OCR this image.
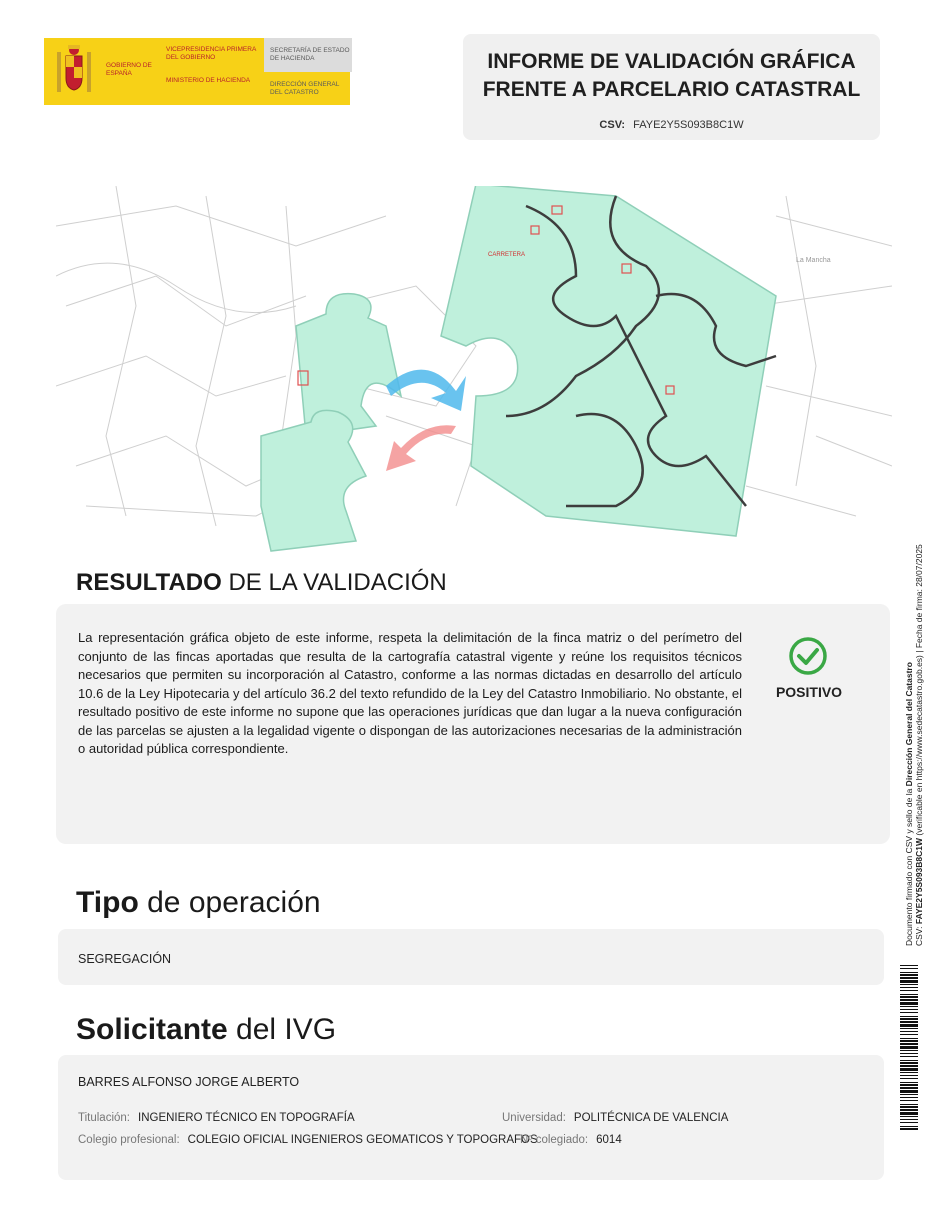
GOBIERNO DE ESPAÑA
VICEPRESIDENCIA PRIMERA DEL GOBIERNO
MINISTERIO DE HACIENDA
SECRETARÍA DE ESTADO DE HACIENDA
DIRECCIÓN GENERAL DEL CATASTRO
INFORME DE VALIDACIÓN GRÁFICA
FRENTE A PARCELARIO CATASTRAL
CSV: FAYE2Y5S093B8C1W
CARRETERA
La Mancha
RESULTADO DE LA VALIDACIÓN
La representación gráfica objeto de este informe, respeta la delimitación de la finca matriz o del perímetro del conjunto de las fincas aportadas que resulta de la cartografía catastral vigente y reúne los requisitos técnicos necesarios que permiten su incorporación al Catastro, conforme a las normas dictadas en desarrollo del artículo 10.6 de la Ley Hipotecaria y del artículo 36.2 del texto refundido de la Ley del Catastro Inmobiliario. No obstante, el resultado positivo de este informe no supone que las operaciones jurídicas que dan lugar a la nueva configuración de las parcelas se ajusten a la legalidad vigente o dispongan de las autorizaciones necesarias de la administración o autoridad pública correspondiente.
POSITIVO
Tipo de operación
SEGREGACIÓN
Solicitante del IVG
BARRES ALFONSO JORGE ALBERTO
Titulación: INGENIERO TÉCNICO EN TOPOGRAFÍA	Universidad: POLITÉCNICA DE VALENCIA
Colegio profesional: COLEGIO OFICIAL INGENIEROS GEOMATICOS Y TOPOGRAFOS
Nº colegiado: 6014
Documento firmado con CSV y sello de la Dirección General del Catastro
CSV: FAYE2Y5S093B8C1W (verificable en https://www.sedecatastro.gob.es) | Fecha de firma: 28/07/2025
